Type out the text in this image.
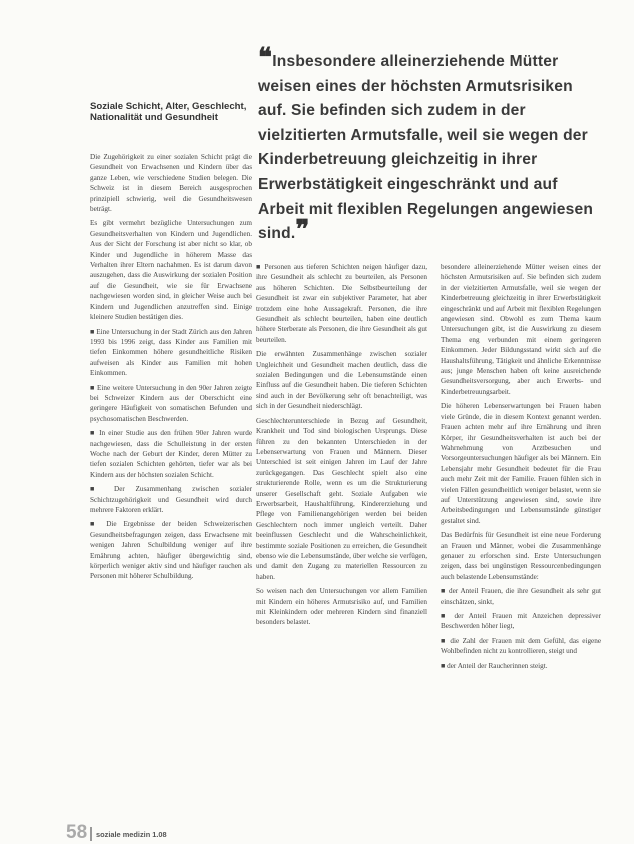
❝Insbesondere alleinerziehende Mütter weisen eines der höchsten Armutsrisiken auf. Sie befinden sich zudem in der vielzitierten Armutsfalle, weil sie wegen der Kinderbetreuung gleichzeitig in ihrer Erwerbstätigkeit eingeschränkt und auf Arbeit mit flexiblen Regelungen angewiesen sind.❞
Soziale Schicht, Alter, Geschlecht, Nationalität und Gesundheit

Die Zugehörigkeit zu einer sozialen Schicht prägt die Gesundheit von Erwachsenen und Kindern über das ganze Leben, wie verschiedene Studien belegen. Die Schweiz ist in diesem Bereich ausgesprochen prinzipiell schwierig, weil die Gesundheitswesen beträgt.

Es gibt vermehrt bezügliche Untersuchungen zum Gesundheitsverhalten von Kindern und Jugendlichen. Aus der Sicht der Forschung ist aber nicht so klar, ob Kinder und Jugendliche in höherem Masse das Verhalten ihrer Eltern nachahmen. Es ist darum davon auszugehen, dass die Auswirkung der sozialen Position auf die Gesundheit, wie sie für Erwachsene nachgewiesen worden sind, in gleicher Weise auch bei Kindern und Jugendlichen anzutreffen sind. Einige kleinere Studien bestätigen dies.

■ Eine Untersuchung in der Stadt Zürich aus den Jahren 1993 bis 1996 zeigt, dass Kinder aus Familien mit tiefen Einkommen höhere gesundheitliche Risiken aufweisen als Kinder aus Familien mit hohen Einkommen.

■ Eine weitere Untersuchung in den 90er Jahren zeigte bei Schweizer Kindern aus der Oberschicht eine geringere Häufigkeit von somatischen Befunden und psychosomatischen Beschwerden.

■ In einer Studie aus den frühen 90er Jahren wurde nachgewiesen, dass die Schulleistung in der ersten Woche nach der Geburt der Kinder, deren Mütter zu tiefen sozialen Schichten gehörten, tiefer war als bei Kindern aus der höchsten sozialen Schicht.

■ Der Zusammenhang zwischen sozialer Schichtzugehörigkeit und Gesundheit wird durch mehrere Faktoren erklärt.

■ Die Ergebnisse der beiden Schweizerischen Gesundheitsbefragungen zeigen, dass Erwachsene mit wenigen Jahren Schulbildung weniger auf ihre Ernährung achten, häufiger übergewichtig sind, körperlich weniger aktiv sind und häufiger rauchen als Personen mit höherer Schulbildung.

■ Personen aus tieferen Schichten neigen häufiger dazu, ihre Gesundheit als schlecht zu beurteilen, als Personen aus höheren Schichten. Die Selbstbeurteilung der Gesundheit ist zwar ein subjektiver Parameter, hat aber trotzdem eine hohe Aussagekraft. Personen, die ihre Gesundheit als schlecht beurteilen, haben eine deutlich höhere Sterberate als Personen, die ihre Gesundheit als gut beurteilen.

Die erwähnten Zusammenhänge zwischen sozialer Ungleichheit und Gesundheit machen deutlich, dass die sozialen Bedingungen und die Lebensumstände einen Einfluss auf die Gesundheit haben. Die tieferen Schichten sind auch in der Bevölkerung sehr oft benachteiligt, was sich in der Gesundheit niederschlägt.

Geschlechterunterschiede in Bezug auf Gesundheit, Krankheit und Tod sind biologischen Ursprungs. Diese führen zu den bekannten Unterschieden in der Lebenserwartung von Frauen und Männern. Dieser Unterschied ist seit einigen Jahren im Lauf der Jahre zurückgegangen. Das Geschlecht spielt also eine strukturierende Rolle, wenn es um die Strukturierung unserer Gesellschaft geht. Soziale Aufgaben wie Erwerbsarbeit, Haushaltführung, Kindererziehung und Pflege von Familienangehörigen werden bei beiden Geschlechtern noch immer ungleich verteilt. Daher beeinflussen Geschlecht und die Wahrscheinlichkeit, bestimmte soziale Positionen zu erreichen, die Gesundheit ebenso wie die Lebensumstände, über welche sie verfügen, und damit den Zugang zu materiellen Ressourcen zu haben.

So weisen nach den Untersuchungen vor allem Familien mit Kindern ein höheres Armutsrisiko auf, und Familien mit Kleinkindern oder mehreren Kindern sind finanziell besonders belastet.

besondere alleinerziehende Mütter weisen eines der höchsten Armutsrisiken auf. Sie befinden sich zudem in der vielzitierten Armutsfalle, weil sie wegen der Kinderbetreuung gleichzeitig in ihrer Erwerbstätigkeit eingeschränkt und auf Arbeit mit flexiblen Regelungen angewiesen sind. Obwohl es zum Thema kaum Untersuchungen gibt, ist die Auswirkung zu diesem Thema eng verbunden mit einem geringeren Einkommen. Jeder Bildungsstand wirkt sich auf die Haushaltsführung, Tätigkeit und ähnliche Erkenntnisse aus; junge Menschen haben oft keine ausreichende Gesundheitsversorgung, aber auch Erwerbs- und Kinderbetreuungsarbeit.

Die höheren Lebenserwartungen bei Frauen haben viele Gründe, die in diesem Kontext genannt werden. Frauen achten mehr auf ihre Ernährung und ihren Körper, ihr Gesundheitsverhalten ist auch bei der Wahrnehmung von Arztbesuchen und Vorsorgeuntersuchungen häufiger als bei Männern. Ein Lebensjahr mehr Gesundheit bedeutet für die Frau auch mehr Zeit mit der Familie. Frauen fühlen sich in vielen Fällen gesundheitlich weniger belastet, wenn sie auf Unterstützung angewiesen sind, sowie ihre Arbeitsbedingungen und Lebensumstände günstiger gestaltet sind.

Das Bedürfnis für Gesundheit ist eine neue Forderung an Frauen und Männer, wobei die Zusammenhänge genauer zu erforschen sind. Erste Untersuchungen zeigen, dass bei ungünstigen Ressourcenbedingungen auch belastende Lebensumstände:

■ der Anteil Frauen, die ihre Gesundheit als sehr gut einschätzen, sinkt,

■ der Anteil Frauen mit Anzeichen depressiver Beschwerden höher liegt,

■ die Zahl der Frauen mit dem Gefühl, das eigene Wohlbefinden nicht zu kontrollieren, steigt und

■ der Anteil der Raucherinnen steigt.

58 soziale medizin 1.08
